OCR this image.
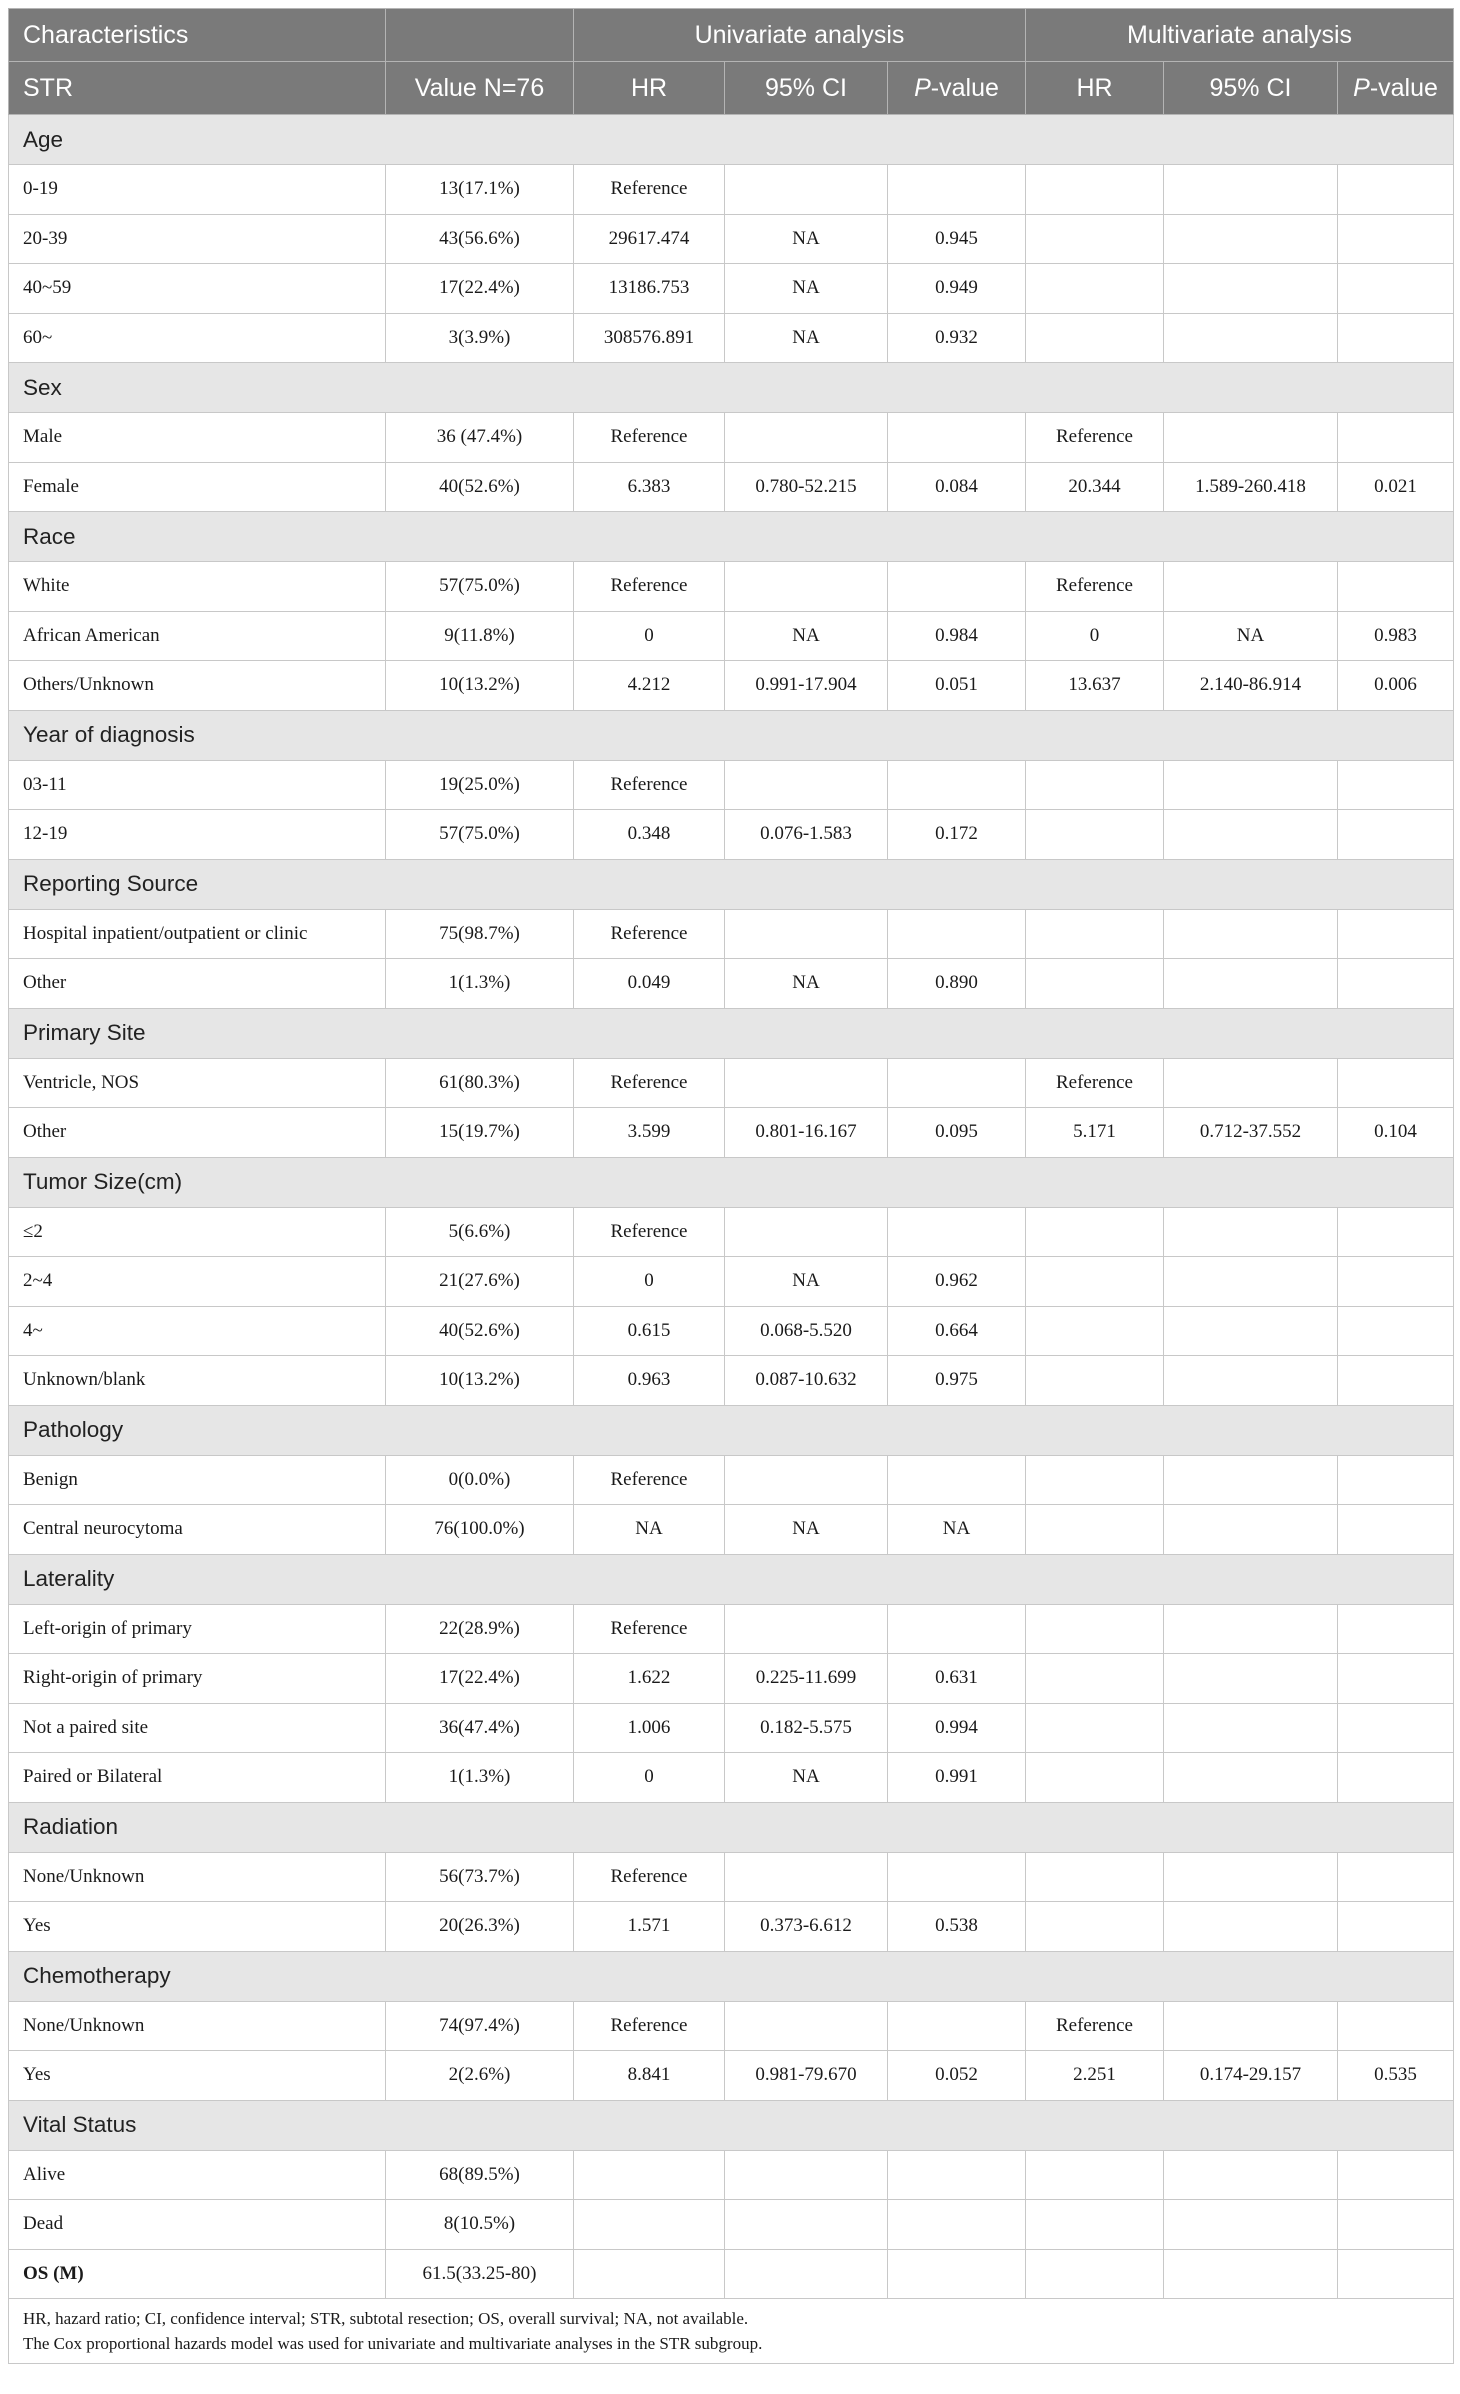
Characteristics		Univariate analysis			Multivariate analysis		
STR	Value N=76	HR	95% CI	P-value	HR	95% CI	P-value
Age							
0-19	13(17.1%)	Reference					
20-39	43(56.6%)	29617.474	NA	0.945			
40~59	17(22.4%)	13186.753	NA	0.949			
60~	3(3.9%)	308576.891	NA	0.932			
Sex							
Male	36 (47.4%)	Reference			Reference		
Female	40(52.6%)	6.383	0.780-52.215	0.084	20.344	1.589-260.418	0.021
Race							
White	57(75.0%)	Reference			Reference		
African American	9(11.8%)	0	NA	0.984	0	NA	0.983
Others/Unknown	10(13.2%)	4.212	0.991-17.904	0.051	13.637	2.140-86.914	0.006
Year of diagnosis							
03-11	19(25.0%)	Reference					
12-19	57(75.0%)	0.348	0.076-1.583	0.172			
Reporting Source							
Hospital inpatient/outpatient or clinic	75(98.7%)	Reference					
Other	1(1.3%)	0.049	NA	0.890			
Primary Site							
Ventricle, NOS	61(80.3%)	Reference			Reference		
Other	15(19.7%)	3.599	0.801-16.167	0.095	5.171	0.712-37.552	0.104
Tumor Size(cm)							
≤2	5(6.6%)	Reference					
2~4	21(27.6%)	0	NA	0.962			
4~	40(52.6%)	0.615	0.068-5.520	0.664			
Unknown/blank	10(13.2%)	0.963	0.087-10.632	0.975			
Pathology							
Benign	0(0.0%)	Reference					
Central neurocytoma	76(100.0%)	NA	NA	NA			
Laterality							
Left-origin of primary	22(28.9%)	Reference					
Right-origin of primary	17(22.4%)	1.622	0.225-11.699	0.631			
Not a paired site	36(47.4%)	1.006	0.182-5.575	0.994			
Paired or Bilateral	1(1.3%)	0	NA	0.991			
Radiation							
None/Unknown	56(73.7%)	Reference					
Yes	20(26.3%)	1.571	0.373-6.612	0.538			
Chemotherapy							
None/Unknown	74(97.4%)	Reference			Reference		
Yes	2(2.6%)	8.841	0.981-79.670	0.052	2.251	0.174-29.157	0.535
Vital Status							
Alive	68(89.5%)						
Dead	8(10.5%)						
OS (M)	61.5(33.25-80)						

HR, hazard ratio; CI, confidence interval; STR, subtotal resection; OS, overall survival; NA, not available.
The Cox proportional hazards model was used for univariate and multivariate analyses in the STR subgroup.							
